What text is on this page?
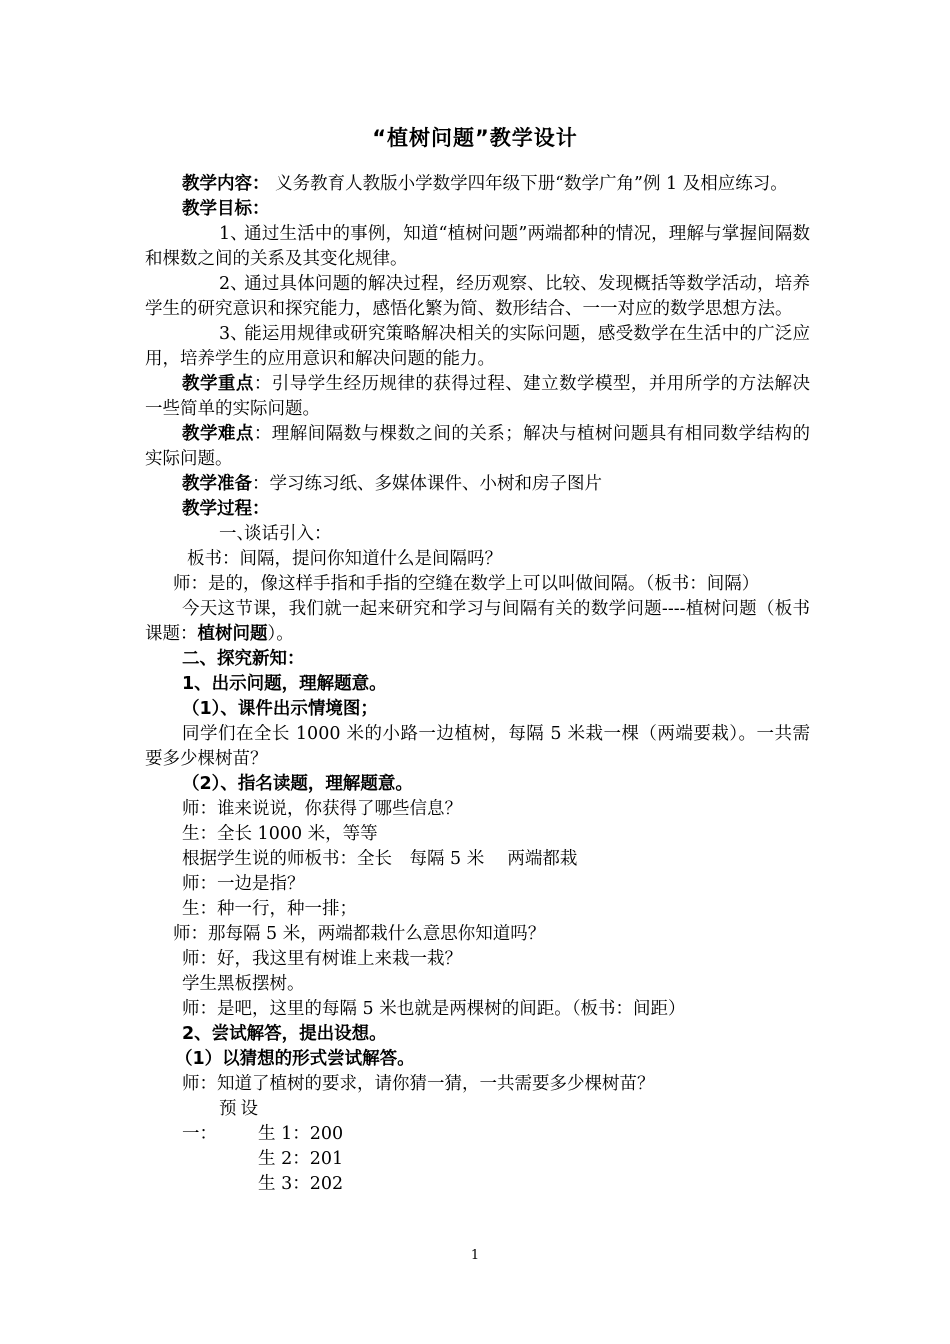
“植树问题”教学设计

教学内容： 义务教育人教版小学数学四年级下册“数学广角”例 1 及相应练习。

教学目标：

1、通过生活中的事例，知道“植树问题”两端都种的情况，理解与掌握间隔数和棵数之间的关系及其变化规律。

2、通过具体问题的解决过程，经历观察、比较、发现概括等数学活动，培养学生的研究意识和探究能力，感悟化繁为简、数形结合、一一对应的数学思想方法。

3、能运用规律或研究策略解决相关的实际问题，感受数学在生活中的广泛应用，培养学生的应用意识和解决问题的能力。

教学重点：引导学生经历规律的获得过程、建立数学模型，并用所学的方法解决一些简单的实际问题。

教学难点：理解间隔数与棵数之间的关系；解决与植树问题具有相同数学结构的实际问题。

教学准备：学习练习纸、多媒体课件、小树和房子图片

教学过程：

一、谈话引入：

板书：间隔，提问你知道什么是间隔吗？

师：是的，像这样手指和手指的空缝在数学上可以叫做间隔。（板书：间隔）

今天这节课，我们就一起来研究和学习与间隔有关的数学问题----植树问题（板书课题：植树问题）。

二、探究新知：

1、出示问题，理解题意。

（1）、课件出示情境图；

同学们在全长 1000 米的小路一边植树，每隔 5 米栽一棵（两端要栽）。一共需要多少棵树苗？

（2）、指名读题，理解题意。

师：谁来说说，你获得了哪些信息？

生：全长 1000 米，等等

根据学生说的师板书：全长　每隔 5 米　 两端都栽

师：一边是指？

生：种一行，种一排；

师：那每隔 5 米，两端都栽什么意思你知道吗？

师：好，我这里有树谁上来栽一栽？

学生黑板摆树。

师：是吧，这里的每隔 5 米也就是两棵树的间距。（板书：间距）

2、尝试解答，提出设想。

（1）以猜想的形式尝试解答。

师：知道了植树的要求，请你猜一猜，一共需要多少棵树苗？

预设一： 生 1：200

生 2：201

生 3：202

1
